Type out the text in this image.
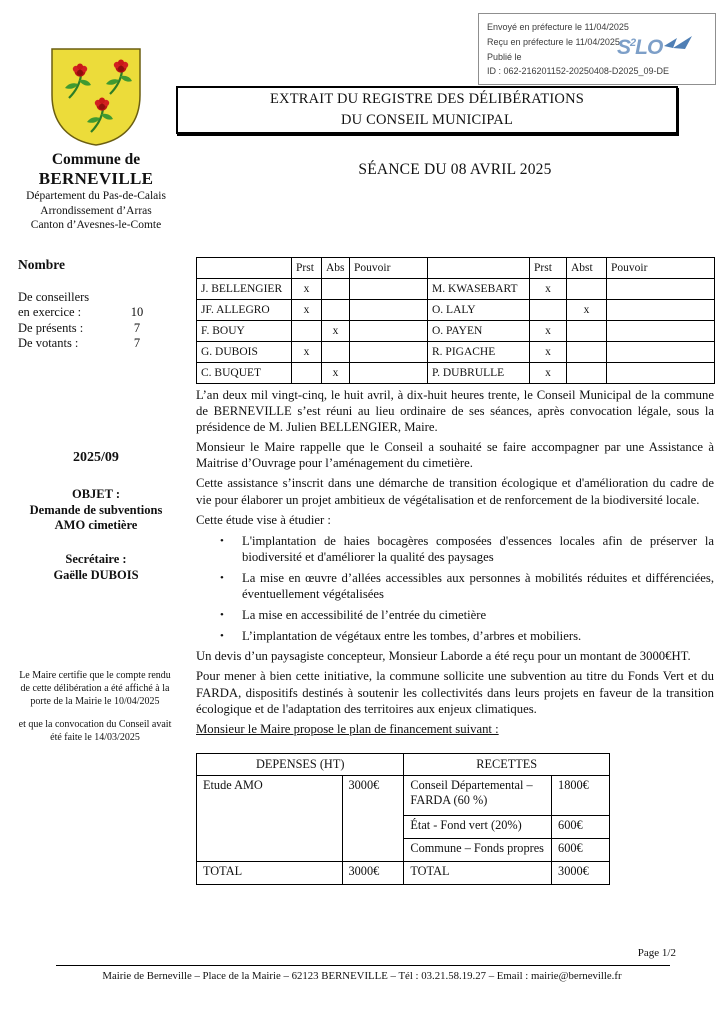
Envoyé en préfecture le 11/04/2025
Reçu en préfecture le 11/04/2025
Publié le
ID : 062-216201152-20250408-D2025_09-DE
$S^2$ LO
Commune de
BERNEVILLE
Département du Pas-de-Calais
Arrondissement d’Arras
Canton d’Avesnes-le-Comte
Nombre
De conseillers
en exercice :	10
De présents :	7
De votants :	7
2025/09
OBJET :
Demande de subventions
AMO cimetière
Secrétaire :
Gaëlle DUBOIS

Le Maire certifie que le compte rendu de cette délibération a été affiché à la porte de la Mairie le 10/04/2025

et que la convocation du Conseil avait été faite le 14/03/2025

EXTRAIT DU REGISTRE DES DÉLIBÉRATIONS
DU CONSEIL MUNICIPAL
SÉANCE DU 08 AVRIL 2025
	Prst	Abs	Pouvoir		Prst	Abst	Pouvoir
J. BELLENGIER	x			M. KWASEBART	x		
JF. ALLEGRO	x			O. LALY		x	
F. BOUY		x		O. PAYEN	x		
G. DUBOIS	x			R. PIGACHE	x		
C. BUQUET		x		P. DUBRULLE	x		

L’an deux mil vingt-cinq, le huit avril, à dix-huit heures trente, le Conseil Municipal de la commune de BERNEVILLE s’est réuni au lieu ordinaire de ses séances, après convocation légale, sous la présidence de M. Julien BELLENGIER, Maire.

Monsieur le Maire rappelle que le Conseil a souhaité se faire accompagner par une Assistance à Maitrise d’Ouvrage pour l’aménagement du cimetière.

Cette assistance s’inscrit dans une démarche de transition écologique et d'amélioration du cadre de vie pour élaborer un projet ambitieux de végétalisation et de renforcement de la biodiversité locale.

Cette étude vise à étudier :

• L'implantation de haies bocagères composées d'essences locales afin de préserver la biodiversité et d'améliorer la qualité des paysages
• La mise en œuvre d’allées accessibles aux personnes à mobilités réduites et différenciées, éventuellement végétalisées
• La mise en accessibilité de l’entrée du cimetière
• L’implantation de végétaux entre les tombes, d’arbres et mobiliers.

Un devis d’un paysagiste concepteur, Monsieur Laborde a été reçu pour un montant de 3000€HT.

Pour mener à bien cette initiative, la commune sollicite une subvention au titre du Fonds Vert et du FARDA, dispositifs destinés à soutenir les collectivités dans leurs projets en faveur de la transition écologique et de l'adaptation des territoires aux enjeux climatiques.

Monsieur le Maire propose le plan de financement suivant :

DEPENSES (HT)		RECETTES	
Etude AMO	3000€	Conseil Départemental – FARDA (60 %)	1800€
		État - Fond vert (20%)	600€
		Commune – Fonds propres	600€
TOTAL	3000€	TOTAL	3000€
Page 1/2
Mairie de Berneville – Place de la Mairie – 62123 BERNEVILLE – Tél : 03.21.58.19.27 – Email : mairie@berneville.fr
